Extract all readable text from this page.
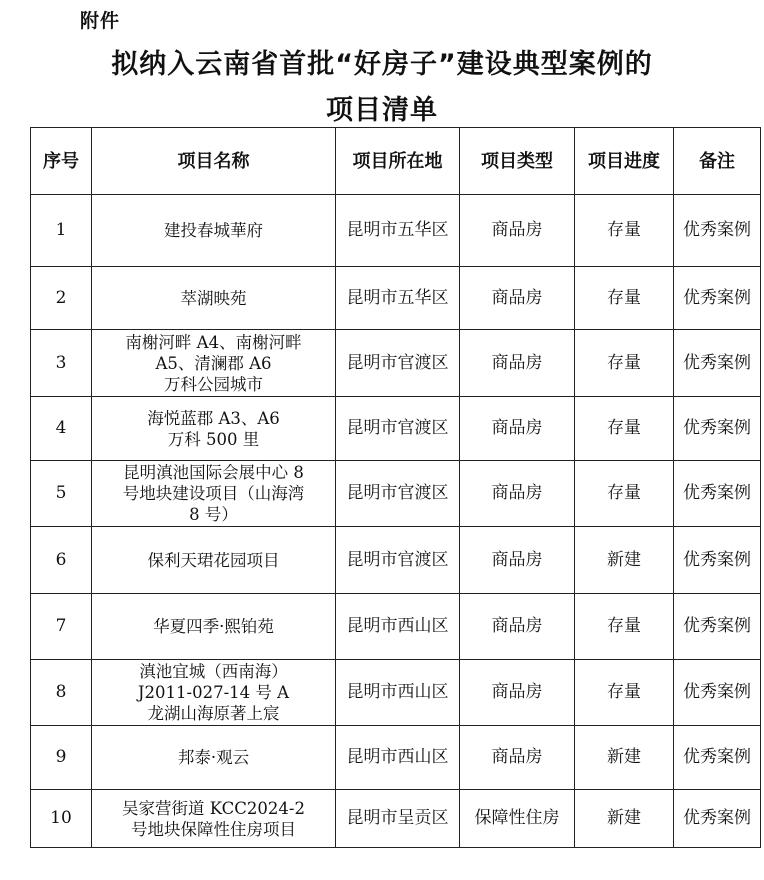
附件
拟纳入云南省首批“好房子”建设典型案例的
项目清单
序号	项目名称	项目所在地	项目类型	项目进度	备注
1	建投春城華府	昆明市五华区	商品房	存量	优秀案例
2	萃湖映苑	昆明市五华区	商品房	存量	优秀案例
3	南榭河畔 A4、南榭河畔
A5、清澜郡 A6
万科公园城市	昆明市官渡区	商品房	存量	优秀案例
4	海悦蓝郡 A3、A6
万科 500 里	昆明市官渡区	商品房	存量	优秀案例
5	昆明滇池国际会展中心 8
号地块建设项目（山海湾
8 号）	昆明市官渡区	商品房	存量	优秀案例
6	保利天珺花园项目	昆明市官渡区	商品房	新建	优秀案例
7	华夏四季·熙铂苑	昆明市西山区	商品房	存量	优秀案例
8	滇池宜城（西南海）
J2011-027-14 号 A
龙湖山海原著上宸	昆明市西山区	商品房	存量	优秀案例
9	邦泰·观云	昆明市西山区	商品房	新建	优秀案例
10	吴家营街道 KCC2024-2
号地块保障性住房项目	昆明市呈贡区	保障性住房	新建	优秀案例
